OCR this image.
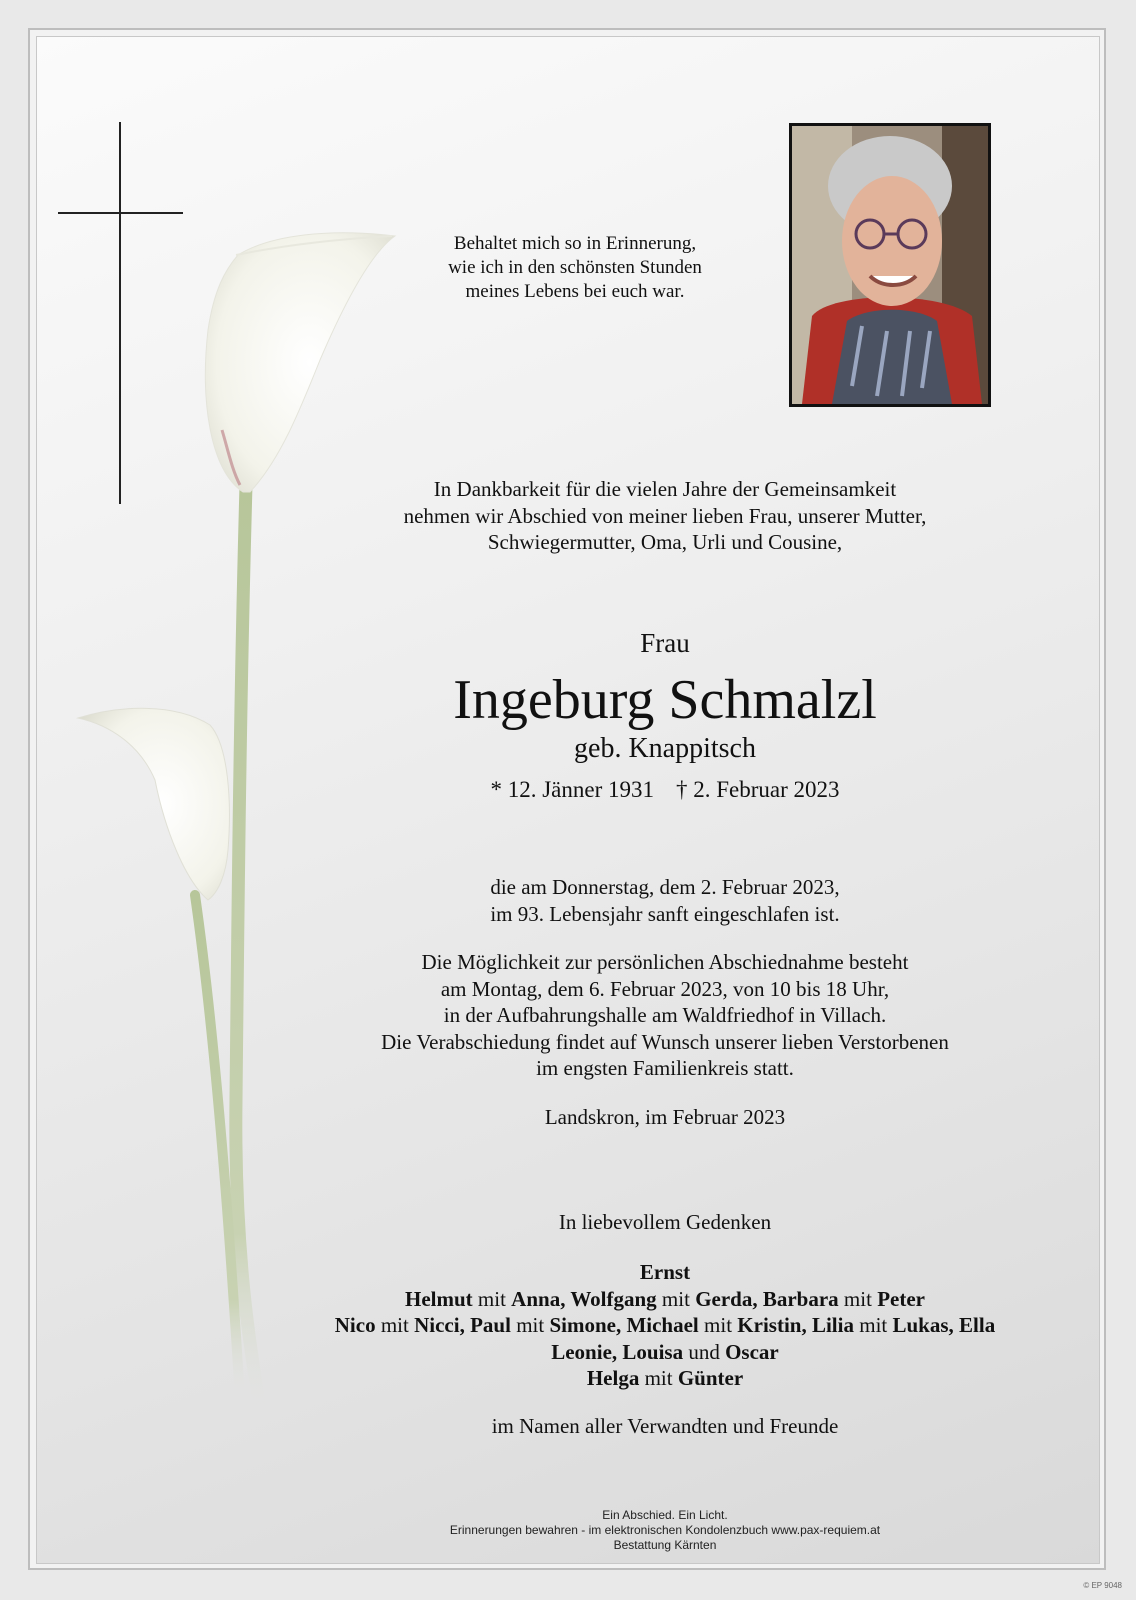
Behaltet mich so in Erinnerung,
wie ich in den schönsten Stunden
meines Lebens bei euch war.
In Dankbarkeit für die vielen Jahre der Gemeinsamkeit
nehmen wir Abschied von meiner lieben Frau, unserer Mutter,
Schwiegermutter, Oma, Urli und Cousine,
Frau
Ingeburg Schmalzl
geb. Knappitsch
* 12. Jänner 1931 † 2. Februar 2023
die am Donnerstag, dem 2. Februar 2023,
im 93. Lebensjahr sanft eingeschlafen ist.
Die Möglichkeit zur persönlichen Abschiednahme besteht
am Montag, dem 6. Februar 2023, von 10 bis 18 Uhr,
in der Aufbahrungshalle am Waldfriedhof in Villach.
Die Verabschiedung findet auf Wunsch unserer lieben Verstorbenen
im engsten Familienkreis statt.
Landskron, im Februar 2023
In liebevollem Gedenken
Ernst
Helmut mit Anna, Wolfgang mit Gerda, Barbara mit Peter
Nico mit Nicci, Paul mit Simone, Michael mit Kristin, Lilia mit Lukas, Ella
Leonie, Louisa und Oscar
Helga mit Günter
im Namen aller Verwandten und Freunde
Ein Abschied. Ein Licht.
Erinnerungen bewahren - im elektronischen Kondolenzbuch www.pax-requiem.at
Bestattung Kärnten
© EP 9048
